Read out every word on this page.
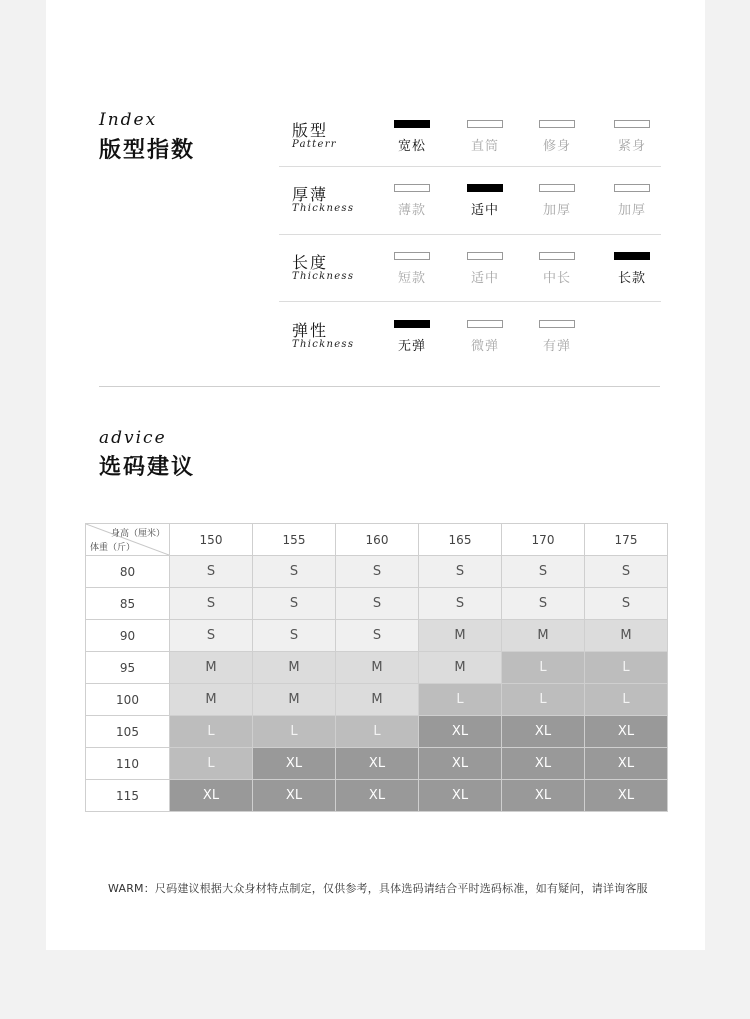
Index
版型指数
版型
Patterr	宽松	直筒	修身	紧身
厚薄
Thickness	薄款	适中	加厚	加厚
长度
Thickness	短款	适中	中长	长款
弹性
Thickness	无弹	微弹	有弹
advice
选码建议
身高（厘米）
体重（斤）
150	155	160	165	170	175
80	S	S	S	S	S	S
85	S	S	S	S	S	S
90	S	S	S	M	M	M
95	M	M	M	M	L	L
100	M	M	M	L	L	L
105	L	L	L	XL	XL	XL
110	L	XL	XL	XL	XL	XL
115	XL	XL	XL	XL	XL	XL
WARM：尺码建议根据大众身材特点制定，仅供参考，具体选码请结合平时选码标准，如有疑问，请详询客服
